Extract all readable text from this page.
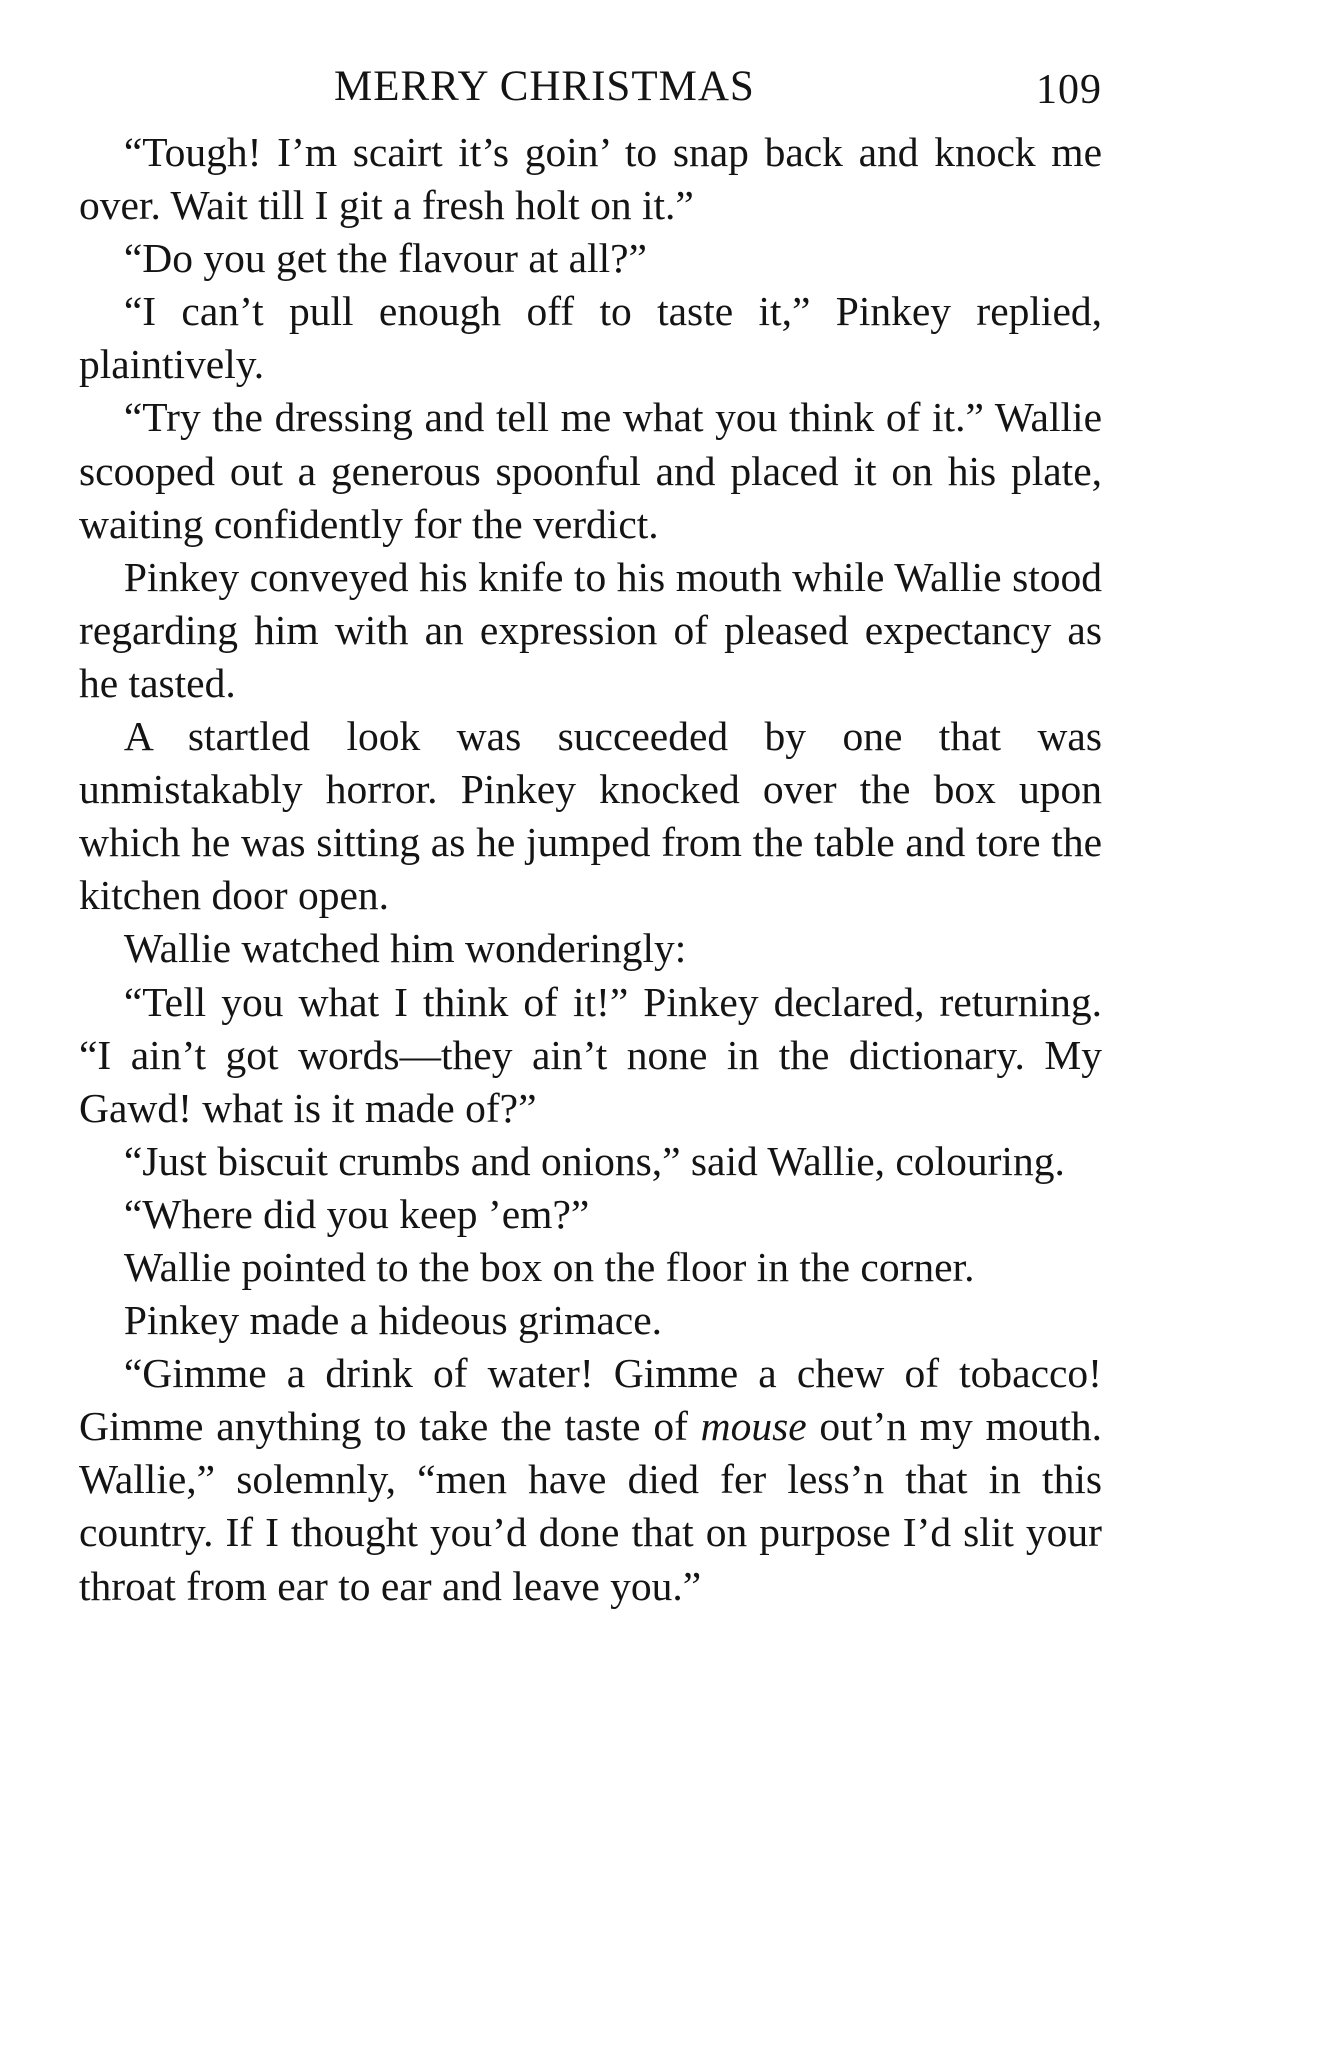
MERRY CHRISTMAS	109

“Tough! I’m scairt it’s goin’ to snap back and knock me over. Wait till I git a fresh holt on it.”

“Do you get the flavour at all?”

“I can’t pull enough off to taste it,” Pinkey replied, plaintively.

“Try the dressing and tell me what you think of it.” Wallie scooped out a generous spoonful and placed it on his plate, waiting confidently for the verdict.

Pinkey conveyed his knife to his mouth while Wallie stood regarding him with an expression of pleased expectancy as he tasted.

A startled look was succeeded by one that was unmistakably horror. Pinkey knocked over the box upon which he was sitting as he jumped from the table and tore the kitchen door open.

Wallie watched him wonderingly:

“Tell you what I think of it!” Pinkey declared, returning. “I ain’t got words—they ain’t none in the dictionary. My Gawd! what is it made of?”

“Just biscuit crumbs and onions,” said Wallie, colouring.

“Where did you keep ’em?”

Wallie pointed to the box on the floor in the corner.

Pinkey made a hideous grimace.

“Gimme a drink of water! Gimme a chew of tobacco! Gimme anything to take the taste of mouse out’n my mouth. Wallie,” solemnly, “men have died fer less’n that in this country. If I thought you’d done that on purpose I’d slit your throat from ear to ear and leave you.”
